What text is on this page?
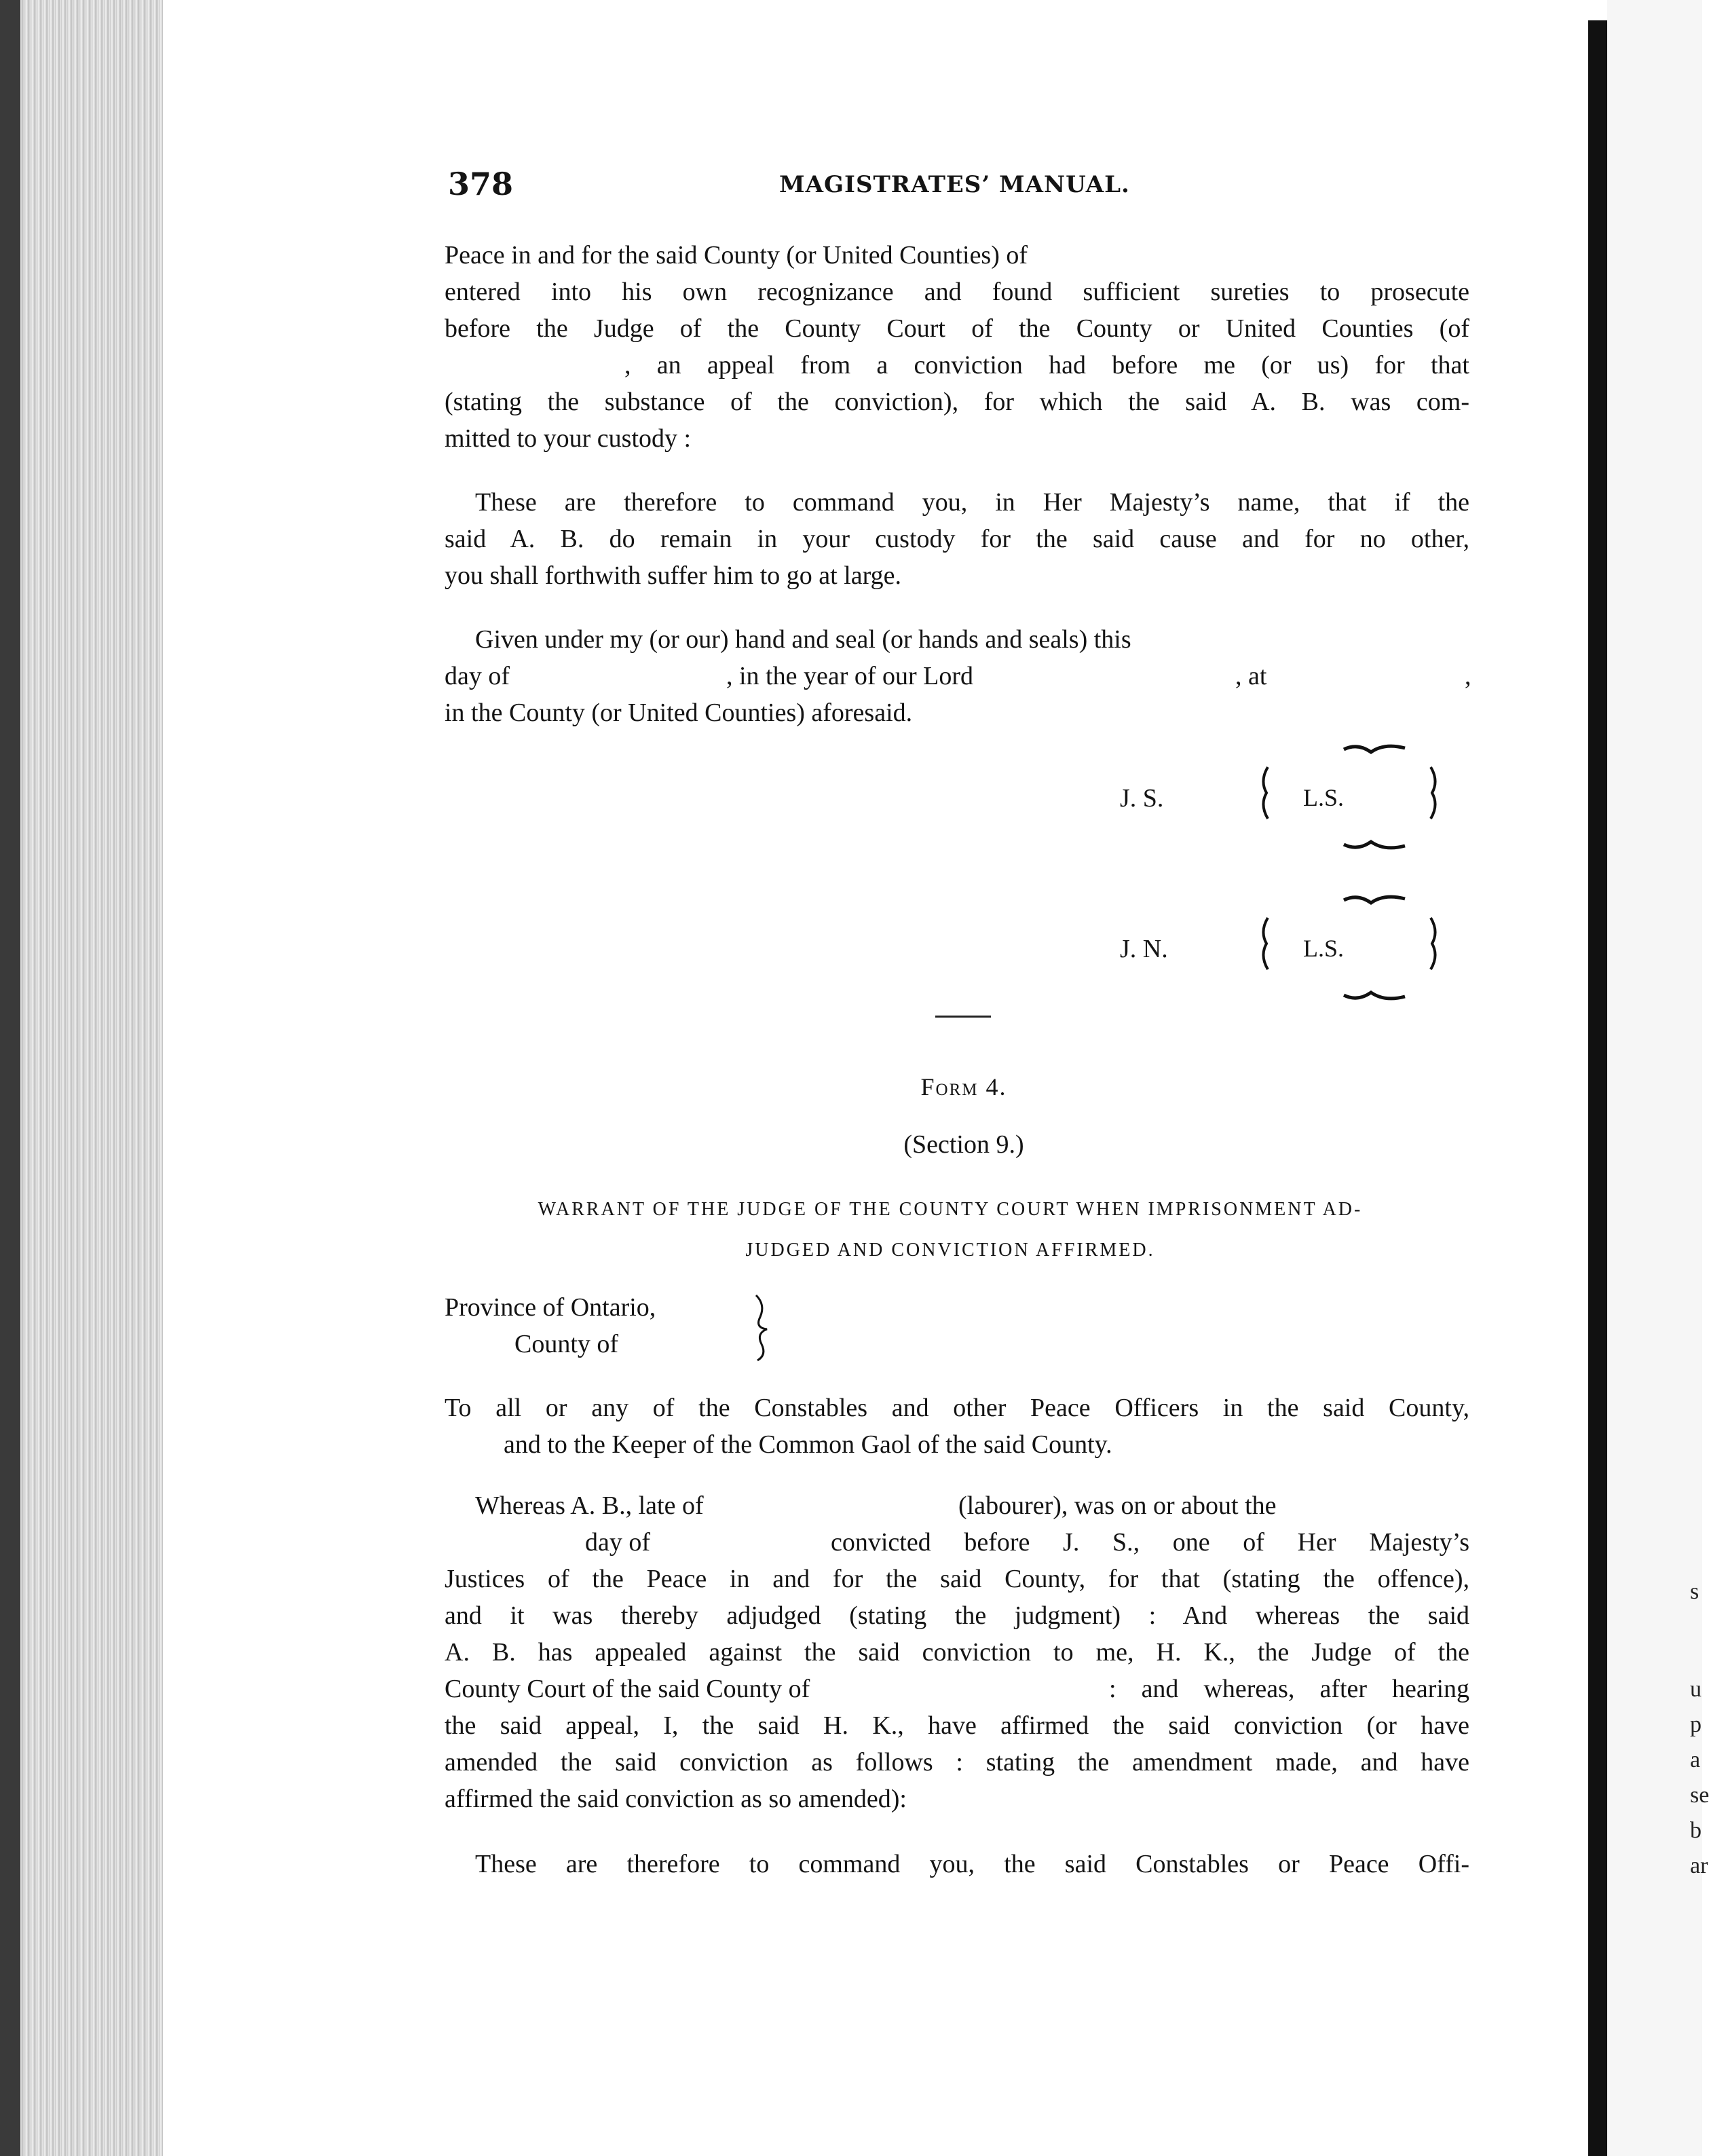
s
u
p
a
se
b
ar
378	MAGISTRATES’ MANUAL.
Peace in and for the said County (or United Counties) of
entered into his own recognizance and found sufficient sureties to prosecute
before the Judge of the County Court of the County or United Counties (of
, an appeal from a conviction had before me (or us) for that
(stating the substance of the conviction), for which the said A. B. was com-
mitted to your custody :
These are therefore to command you, in Her Majesty’s name, that if the
said A. B. do remain in your custody for the said cause and for no other,
you shall forthwith suffer him to go at large.
Given under my (or our) hand and seal (or hands and seals) this
day of	, in the year of our Lord	, at	,
in the County (or United Counties) aforesaid.
J. S.	L.S.
J. N.	L.S.
Form 4.
(Section 9.)
WARRANT OF THE JUDGE OF THE COUNTY COURT WHEN IMPRISONMENT AD-
JUDGED AND CONVICTION AFFIRMED.
Province of Ontario,
County of
To all or any of the Constables and other Peace Officers in the said County,
and to the Keeper of the Common Gaol of the said County.
Whereas A. B., late of	(labourer), was on or about the
day of	convicted before J. S., one of Her Majesty’s
Justices of the Peace in and for the said County, for that (stating the offence),
and it was thereby adjudged (stating the judgment) : And whereas the said
A. B. has appealed against the said conviction to me, H. K., the Judge of the
County Court of the said County of	: and whereas, after hearing
the said appeal, I, the said H. K., have affirmed the said conviction (or have
amended the said conviction as follows : stating the amendment made, and have
affirmed the said conviction as so amended):
These are therefore to command you, the said Constables or Peace Offi-
